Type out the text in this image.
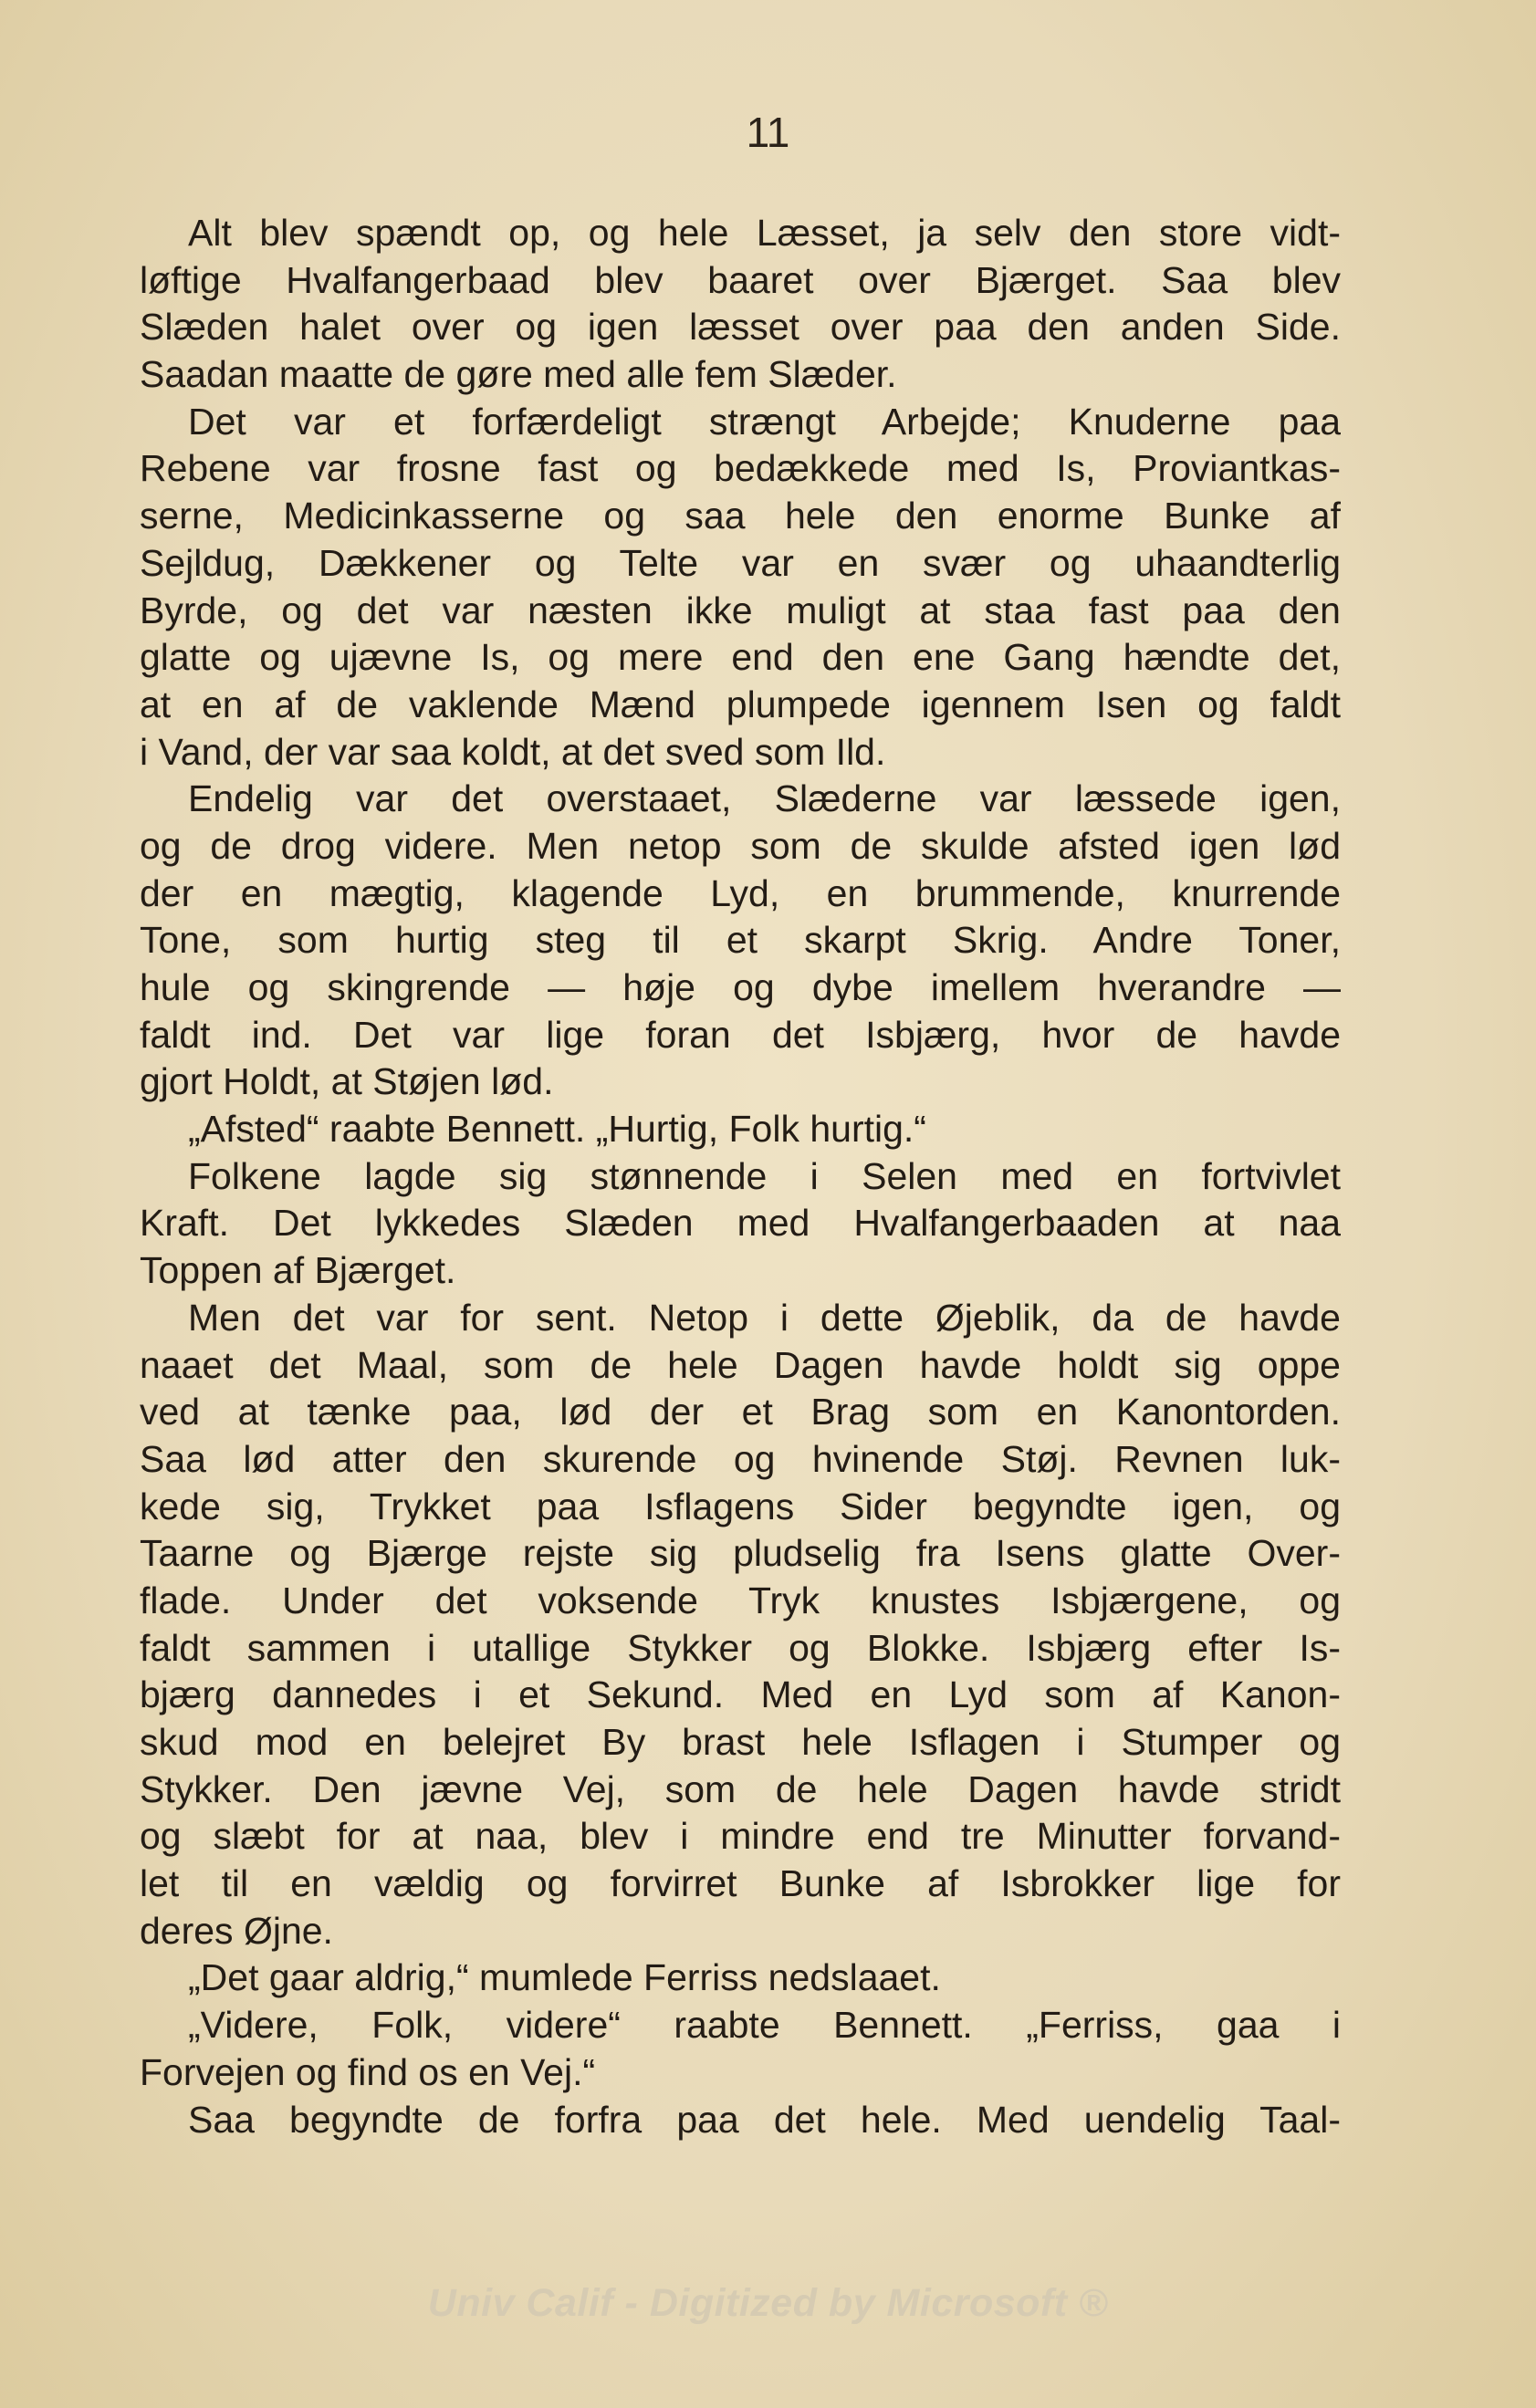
11
Alt blev spændt op, og hele Læsset, ja selv den store vidt-
løftige Hvalfangerbaad blev baaret over Bjærget. Saa blev
Slæden halet over og igen læsset over paa den anden Side.
Saadan maatte de gøre med alle fem Slæder.
Det var et forfærdeligt strængt Arbejde; Knuderne paa
Rebene var frosne fast og bedækkede med Is, Proviantkas-
serne, Medicinkasserne og saa hele den enorme Bunke af
Sejldug, Dækkener og Telte var en svær og uhaandterlig
Byrde, og det var næsten ikke muligt at staa fast paa den
glatte og ujævne Is, og mere end den ene Gang hændte det,
at en af de vaklende Mænd plumpede igennem Isen og faldt
i Vand, der var saa koldt, at det sved som Ild.
Endelig var det overstaaet, Slæderne var læssede igen,
og de drog videre. Men netop som de skulde afsted igen lød
der en mægtig, klagende Lyd, en brummende, knurrende
Tone, som hurtig steg til et skarpt Skrig. Andre Toner,
hule og skingrende — høje og dybe imellem hverandre —
faldt ind. Det var lige foran det Isbjærg, hvor de havde
gjort Holdt, at Støjen lød.
„Afsted“ raabte Bennett. „Hurtig, Folk hurtig.“
Folkene lagde sig stønnende i Selen med en fortvivlet
Kraft. Det lykkedes Slæden med Hvalfangerbaaden at naa
Toppen af Bjærget.
Men det var for sent. Netop i dette Øjeblik, da de havde
naaet det Maal, som de hele Dagen havde holdt sig oppe
ved at tænke paa, lød der et Brag som en Kanontorden.
Saa lød atter den skurende og hvinende Støj. Revnen luk-
kede sig, Trykket paa Isflagens Sider begyndte igen, og
Taarne og Bjærge rejste sig pludselig fra Isens glatte Over-
flade. Under det voksende Tryk knustes Isbjærgene, og
faldt sammen i utallige Stykker og Blokke. Isbjærg efter Is-
bjærg dannedes i et Sekund. Med en Lyd som af Kanon-
skud mod en belejret By brast hele Isflagen i Stumper og
Stykker. Den jævne Vej, som de hele Dagen havde stridt
og slæbt for at naa, blev i mindre end tre Minutter forvand-
let til en vældig og forvirret Bunke af Isbrokker lige for
deres Øjne.
„Det gaar aldrig,“ mumlede Ferriss nedslaaet.
„Videre, Folk, videre“ raabte Bennett. „Ferriss, gaa i
Forvejen og find os en Vej.“
Saa begyndte de forfra paa det hele. Med uendelig Taal-
Univ Calif - Digitized by Microsoft ®
